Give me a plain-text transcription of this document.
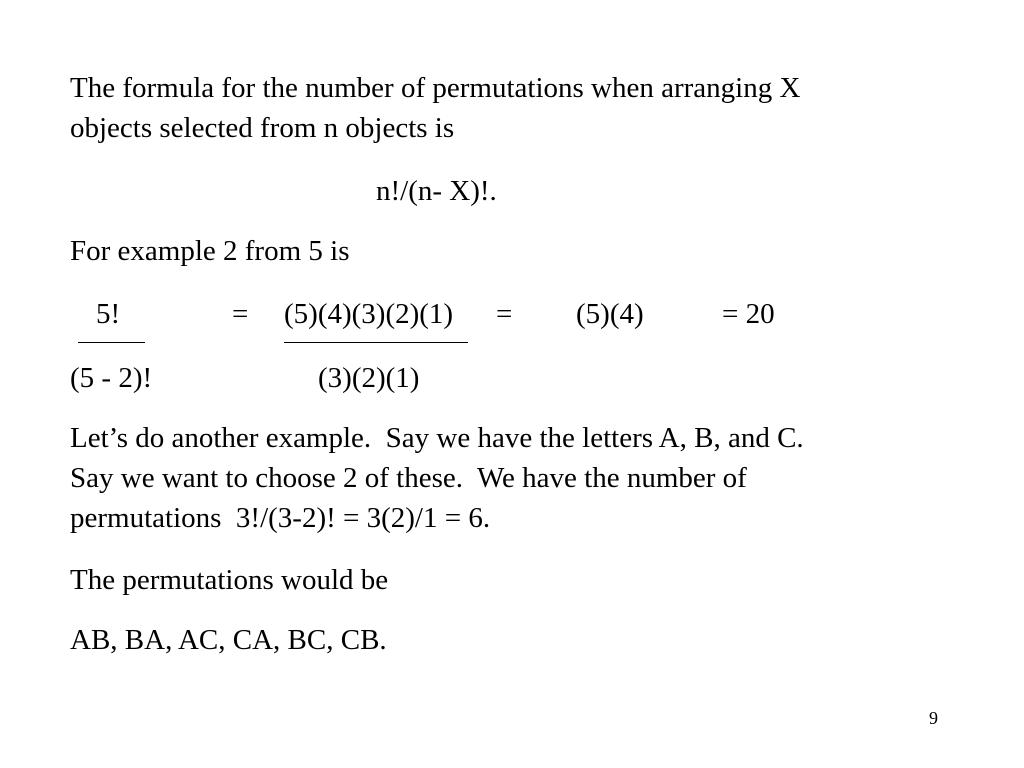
The formula for the number of permutations when arranging X
objects selected from n objects is
n!/(n- X)!.
For example 2 from 5 is
5!	= (5)(4)(3)(2)(1) = (5)(4)	= 20
(5 - 2)!	(3)(2)(1)
Let’s do another example.  Say we have the letters A, B, and C.
Say we want to choose 2 of these.  We have the number of
permutations  3!/(3-2)! = 3(2)/1 = 6.
The permutations would be
AB, BA, AC, CA, BC, CB.
9
